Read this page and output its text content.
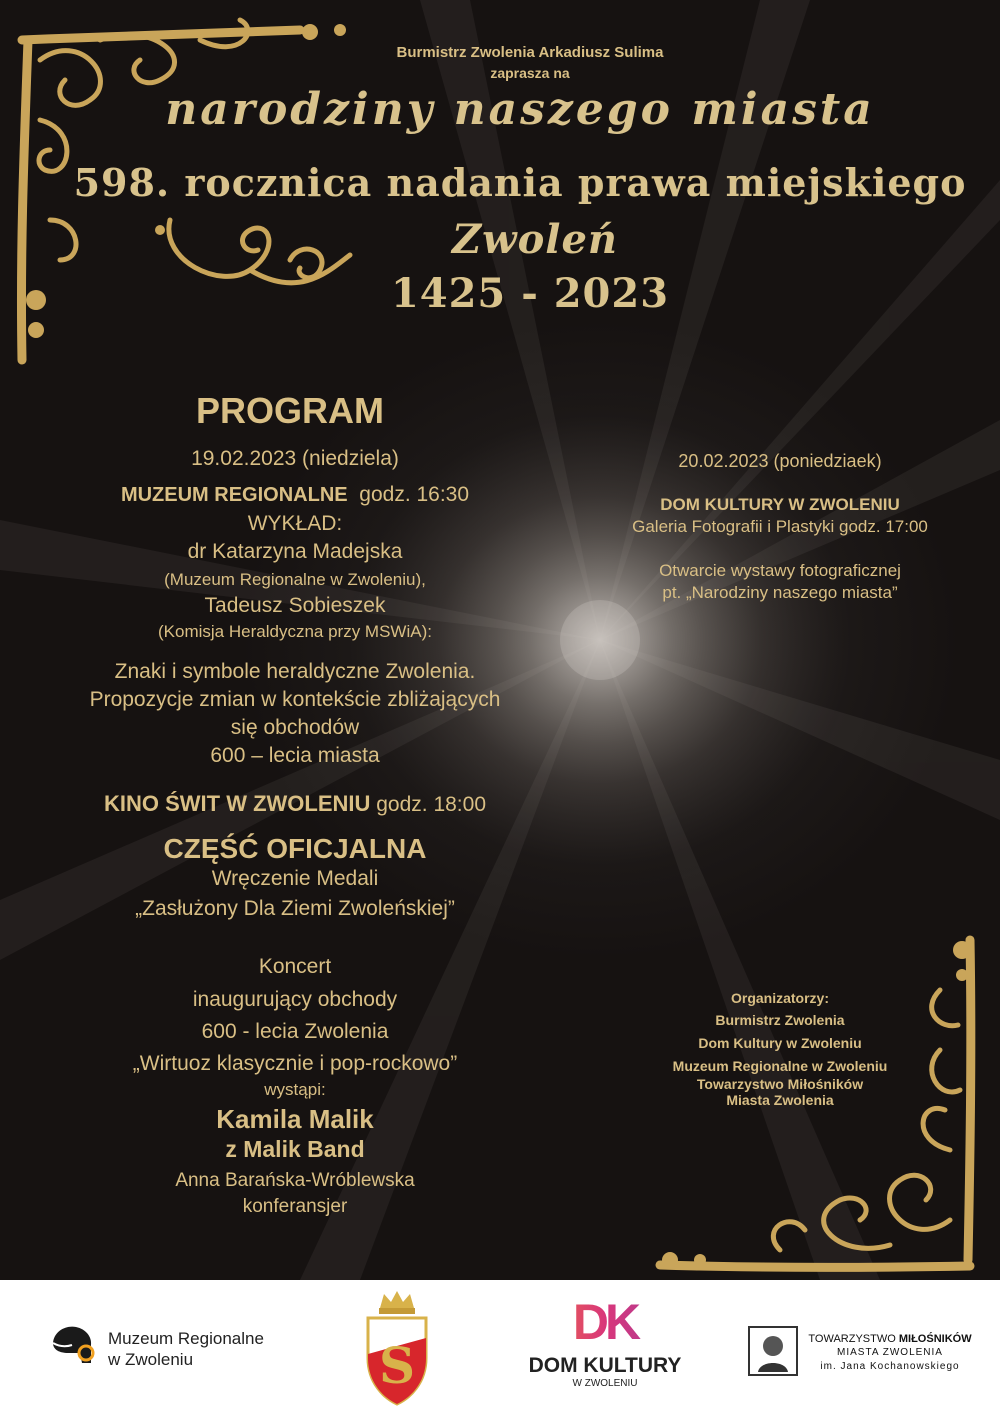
Burmistrz Zwolenia Arkadiusz Sulima
zaprasza na
narodziny naszego miasta
598. rocznica nadania prawa miejskiego
Zwoleń
1425 - 2023
PROGRAM
19.02.2023 (niedziela)
MUZEUM REGIONALNE godz. 16:30
WYKŁAD:
dr Katarzyna Madejska
(Muzeum Regionalne w Zwoleniu),
Tadeusz Sobieszek
(Komisja Heraldyczna przy MSWiA):
Znaki i symbole heraldyczne Zwolenia.
Propozycje zmian w kontekście zbliżających
się obchodów
600 – lecia miasta
KINO ŚWIT W ZWOLENIU godz. 18:00
CZĘŚĆ OFICJALNA
Wręczenie Medali
„Zasłużony Dla Ziemi Zwoleńskiej”
Koncert
inaugurujący obchody
600 - lecia Zwolenia
„Wirtuoz klasycznie i pop-rockowo”
wystąpi:
Kamila Malik
z Malik Band
Anna Barańska-Wróblewska
konferansjer
20.02.2023 (poniedziaek)
DOM KULTURY W ZWOLENIU
Galeria Fotografii i Plastyki godz. 17:00
Otwarcie wystawy fotograficznej
pt. „Narodziny naszego miasta”
Organizatorzy:
Burmistrz Zwolenia
Dom Kultury w Zwoleniu
Muzeum Regionalne w Zwoleniu
Towarzystwo Miłośników
Miasta Zwolenia
Muzeum Regionalne
w Zwoleniu	S
DK
DOM KULTURY
W ZWOLENIU
TOWARZYSTWO MIŁOŚNIKÓW
MIASTA ZWOLENIA
im. Jana Kochanowskiego
